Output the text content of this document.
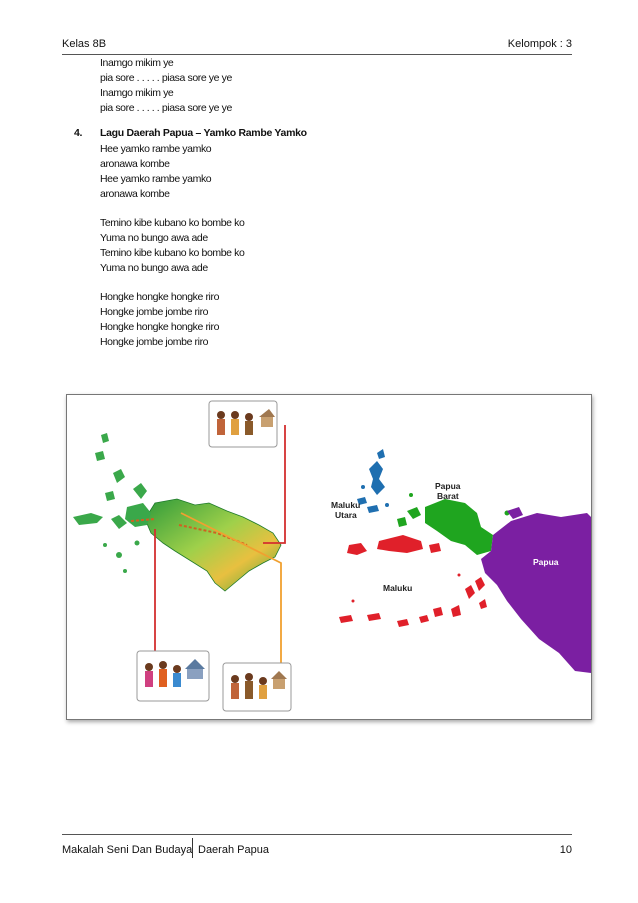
Kelas 8B	Kelompok : 3
Inamgo mikim ye
pia sore . . . . . piasa sore ye ye
Inamgo mikim ye
pia sore . . . . . piasa sore ye ye
4. Lagu Daerah Papua – Yamko Rambe Yamko
Hee yamko rambe yamko
aronawa kombe
Hee yamko rambe yamko
aronawa kombe
Temino kibe kubano ko bombe ko
Yuma no bungo awa ade
Temino kibe kubano ko bombe ko
Yuma no bungo awa ade
Hongke hongke hongke riro
Hongke jombe jombe riro
Hongke hongke hongke riro
Hongke jombe jombe riro
Maluku
Utara
Papua
Barat
Papua
Maluku
Makalah Seni Dan Budaya Daerah Papua	10
